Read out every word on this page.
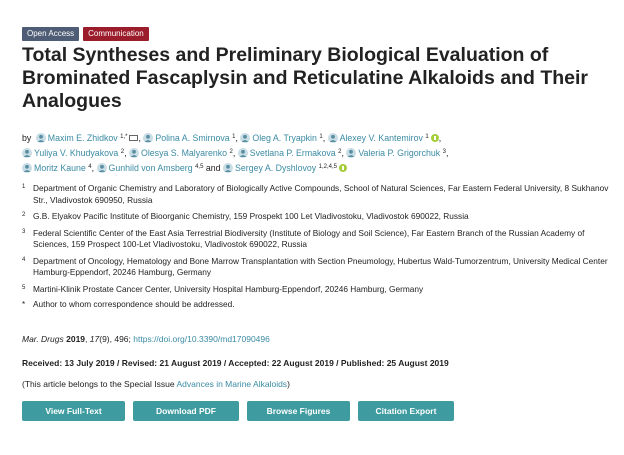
Open Access	Communication
Total Syntheses and Preliminary Biological Evaluation of Brominated Fascaplysin and Reticulatine Alkaloids and Their Analogues
by Maxim E. Zhidkov $^{1,*}$ , Polina A. Smirnova $^1$, Oleg A. Tryapkin $^1$, Alexey V. Kantemirov $^1$ ,
Yuliya V. Khudyakova $^2$, Olesya S. Malyarenko $^2$, Svetlana P. Ermakova $^2$, Valeria P. Grigorchuk $^3$,
Moritz Kaune $^4$, Gunhild von Amsberg $^{4,5}$ and Sergey A. Dyshlovoy $^{1,2,4,5}$
1 Department of Organic Chemistry and Laboratory of Biologically Active Compounds, School of Natural Sciences, Far Eastern Federal University, 8 Sukhanov Str., Vladivostok 690950, Russia
2 G.B. Elyakov Pacific Institute of Bioorganic Chemistry, 159 Prospekt 100 Let Vladivostoku, Vladivostok 690022, Russia
3 Federal Scientific Center of the East Asia Terrestrial Biodiversity (Institute of Biology and Soil Science), Far Eastern Branch of the Russian Academy of Sciences, 159 Prospect 100-Let Vladivostoku, Vladivostok 690022, Russia
4 Department of Oncology, Hematology and Bone Marrow Transplantation with Section Pneumology, Hubertus Wald-Tumorzentrum, University Medical Center Hamburg-Eppendorf, 20246 Hamburg, Germany
5 Martini-Klinik Prostate Cancer Center, University Hospital Hamburg-Eppendorf, 20246 Hamburg, Germany
* Author to whom correspondence should be addressed.
Mar. Drugs 2019, 17(9), 496; https://doi.org/10.3390/md17090496
Received: 13 July 2019 / Revised: 21 August 2019 / Accepted: 22 August 2019 / Published: 25 August 2019
(This article belongs to the Special Issue Advances in Marine Alkaloids)
View Full-Text	Download PDF	Browse Figures	Citation Export
